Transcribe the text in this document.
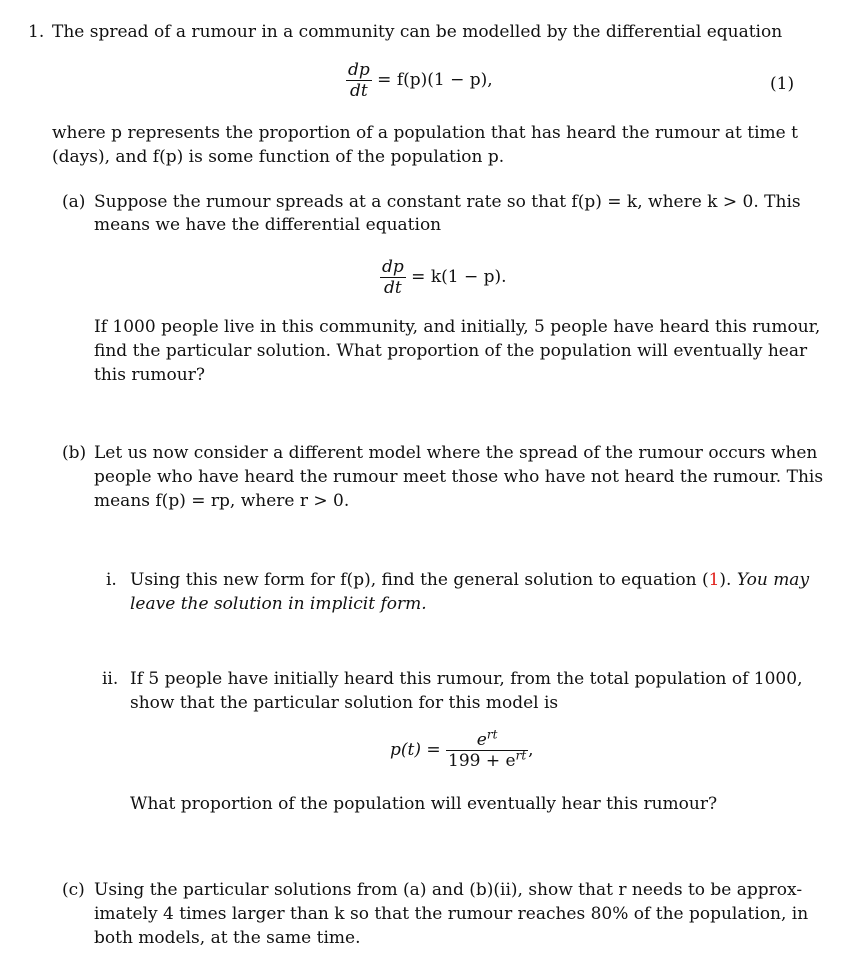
1. The spread of a rumour in a community can be modelled by the differential equation
$\frac{dp}{dt} = f(p)(1 - p)$,	(1)
where p represents the proportion of a population that has heard the rumour at time t
(days), and f(p) is some function of the population p.
(a) Suppose the rumour spreads at a constant rate so that f(p) = k, where k > 0. This
means we have the differential equation
$\frac{dp}{dt} = k(1 - p)$.
If 1000 people live in this community, and initially, 5 people have heard this rumour,
find the particular solution. What proportion of the population will eventually hear
this rumour?
(b) Let us now consider a different model where the spread of the rumour occurs when
people who have heard the rumour meet those who have not heard the rumour. This
means f(p) = rp, where r > 0.
i. Using this new form for f(p), find the general solution to equation (1). You may
leave the solution in implicit form.
ii. If 5 people have initially heard this rumour, from the total population of 1000,
show that the particular solution for this model is
$p(t) = \frac{e^{rt}}{199 + e^{rt}}$ ,
What proportion of the population will eventually hear this rumour?
(c) Using the particular solutions from (a) and (b)(ii), show that r needs to be approx-
imately 4 times larger than k so that the rumour reaches 80% of the population, in
both models, at the same time.
